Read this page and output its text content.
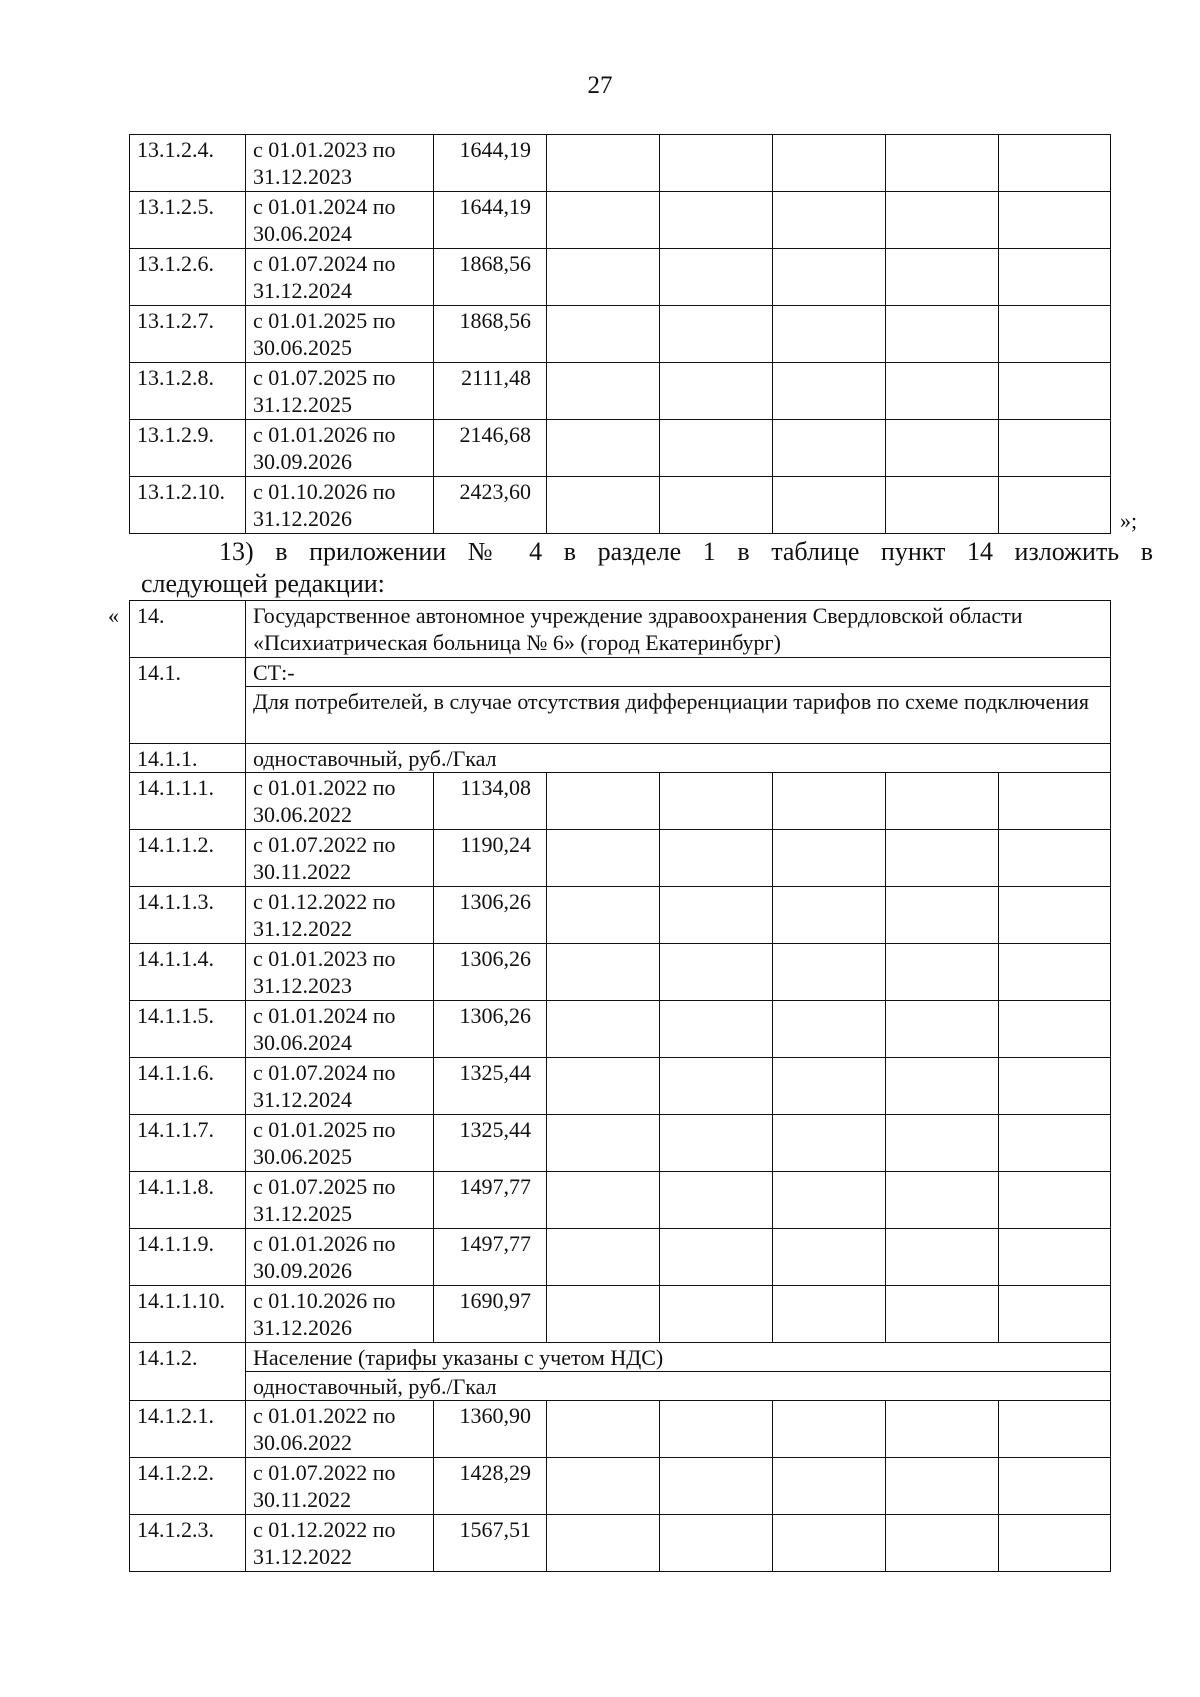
27
13.1.2.4.	с 01.01.2023 по 31.12.2023	1644,19					
13.1.2.5.	с 01.01.2024 по 30.06.2024	1644,19					
13.1.2.6.	с 01.07.2024 по 31.12.2024	1868,56					
13.1.2.7.	с 01.01.2025 по 30.06.2025	1868,56					
13.1.2.8.	с 01.07.2025 по 31.12.2025	2111,48					
13.1.2.9.	с 01.01.2026 по 30.09.2026	2146,68					
13.1.2.10.	с 01.10.2026 по 31.12.2026	2423,60					
»;
13) в приложении № 4 в разделе 1 в таблице пункт 14 изложить в
следующей редакции:
« 14.	Государственное автономное учреждение здравоохранения Свердловской области «Психиатрическая больница № 6» (город Екатеринбург)						
14.1.	СТ:-						
	Для потребителей, в случае отсутствия дифференциации тарифов по схеме подключения						
14.1.1.	одноставочный, руб./Гкал						
14.1.1.1.	с 01.01.2022 по 30.06.2022	1134,08					
14.1.1.2.	с 01.07.2022 по 30.11.2022	1190,24					
14.1.1.3.	с 01.12.2022 по 31.12.2022	1306,26					
14.1.1.4.	с 01.01.2023 по 31.12.2023	1306,26					
14.1.1.5.	с 01.01.2024 по 30.06.2024	1306,26					
14.1.1.6.	с 01.07.2024 по 31.12.2024	1325,44					
14.1.1.7.	с 01.01.2025 по 30.06.2025	1325,44					
14.1.1.8.	с 01.07.2025 по 31.12.2025	1497,77					
14.1.1.9.	с 01.01.2026 по 30.09.2026	1497,77					
14.1.1.10.	с 01.10.2026 по 31.12.2026	1690,97					
14.1.2.	Население (тарифы указаны с учетом НДС)						
	одноставочный, руб./Гкал						
14.1.2.1.	с 01.01.2022 по 30.06.2022	1360,90					
14.1.2.2.	с 01.07.2022 по 30.11.2022	1428,29					
14.1.2.3.	с 01.12.2022 по 31.12.2022	1567,51					
